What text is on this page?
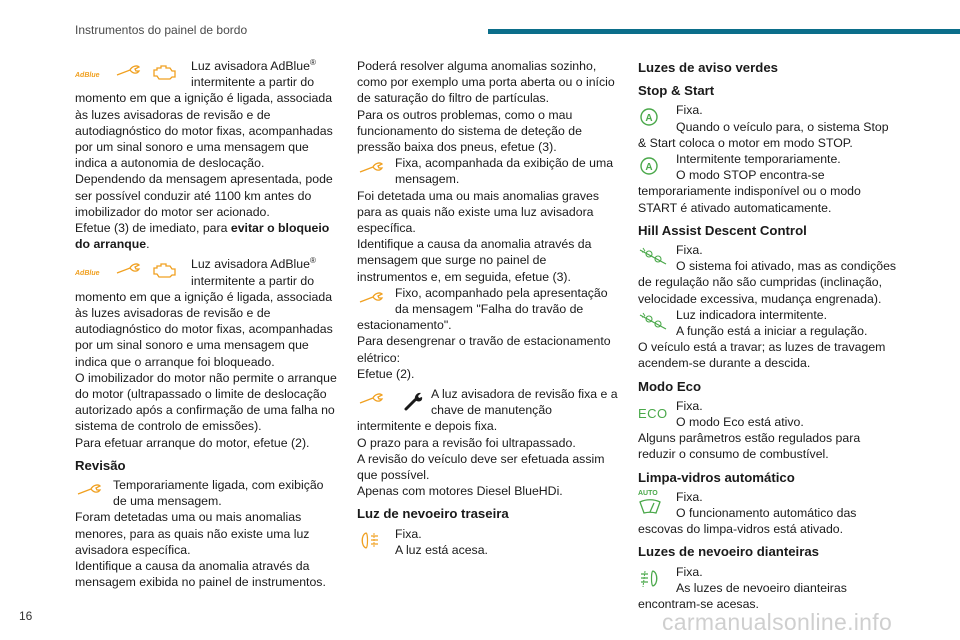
Instrumentos do painel de bordo
AdBlue

Luz avisadora AdBlue®
intermitente a partir do

momento em que a ignição é ligada, associada às luzes avisadoras de revisão e de autodiagnóstico do motor fixas, acompanhadas por um sinal sonoro e uma mensagem que indica a autonomia de deslocação.

Dependendo da mensagem apresentada, pode ser possível conduzir até 1100 km antes do imobilizador do motor ser acionado.

Efetue (3) de imediato, para evitar o bloqueio do arranque.

AdBlue

Luz avisadora AdBlue®
intermitente a partir do

momento em que a ignição é ligada, associada às luzes avisadoras de revisão e de autodiagnóstico do motor fixas, acompanhadas por um sinal sonoro e uma mensagem que indica que o arranque foi bloqueado.

O imobilizador do motor não permite o arranque do motor (ultrapassado o limite de deslocação autorizado após a confirmação de uma falha no sistema de controlo de emissões).

Para efetuar arranque do motor, efetue (2).

Revisão

Temporariamente ligada, com exibição de uma mensagem.

Foram detetadas uma ou mais anomalias menores, para as quais não existe uma luz avisadora específica.

Identifique a causa da anomalia através da mensagem exibida no painel de instrumentos.

Poderá resolver alguma anomalias sozinho, como por exemplo uma porta aberta ou o início de saturação do filtro de partículas.

Para os outros problemas, como o mau funcionamento do sistema de deteção de pressão baixa dos pneus, efetue (3).

Fixa, acompanhada da exibição de uma mensagem.

Foi detetada uma ou mais anomalias graves para as quais não existe uma luz avisadora específica.

Identifique a causa da anomalia através da mensagem que surge no painel de instrumentos e, em seguida, efetue (3).

Fixo, acompanhado pela apresentação da mensagem "Falha do travão de estacionamento".

Para desengrenar o travão de estacionamento elétrico:

Efetue (2).

A luz avisadora de revisão fixa e a chave de manutenção intermitente e depois fixa.

O prazo para a revisão foi ultrapassado.

A revisão do veículo deve ser efetuada assim que possível.

Apenas com motores Diesel BlueHDi.

Luz de nevoeiro traseira

Fixa.
A luz está acesa.

Luzes de aviso verdes
Stop & Start
A

Fixa.
Quando o veículo para, o sistema Stop & Start coloca o motor em modo STOP.

A

Intermitente temporariamente.
O modo STOP encontra-se temporariamente indisponível ou o modo START é ativado automaticamente.

Hill Assist Descent Control

Fixa.
O sistema foi ativado, mas as condições de regulação não são cumpridas (inclinação, velocidade excessiva, mudança engrenada).

Luz indicadora intermitente.
A função está a iniciar a regulação.

O veículo está a travar; as luzes de travagem acendem-se durante a descida.

Modo Eco
ECO Fixa.
O modo Eco está ativo.

Alguns parâmetros estão regulados para reduzir o consumo de combustível.

Limpa-vidros automático
AUTO	Fixa.
O funcionamento automático das escovas do limpa-vidros está ativado.

Luzes de nevoeiro dianteiras

Fixa.
As luzes de nevoeiro dianteiras encontram-se acesas.

16	carmanualsonline.info
